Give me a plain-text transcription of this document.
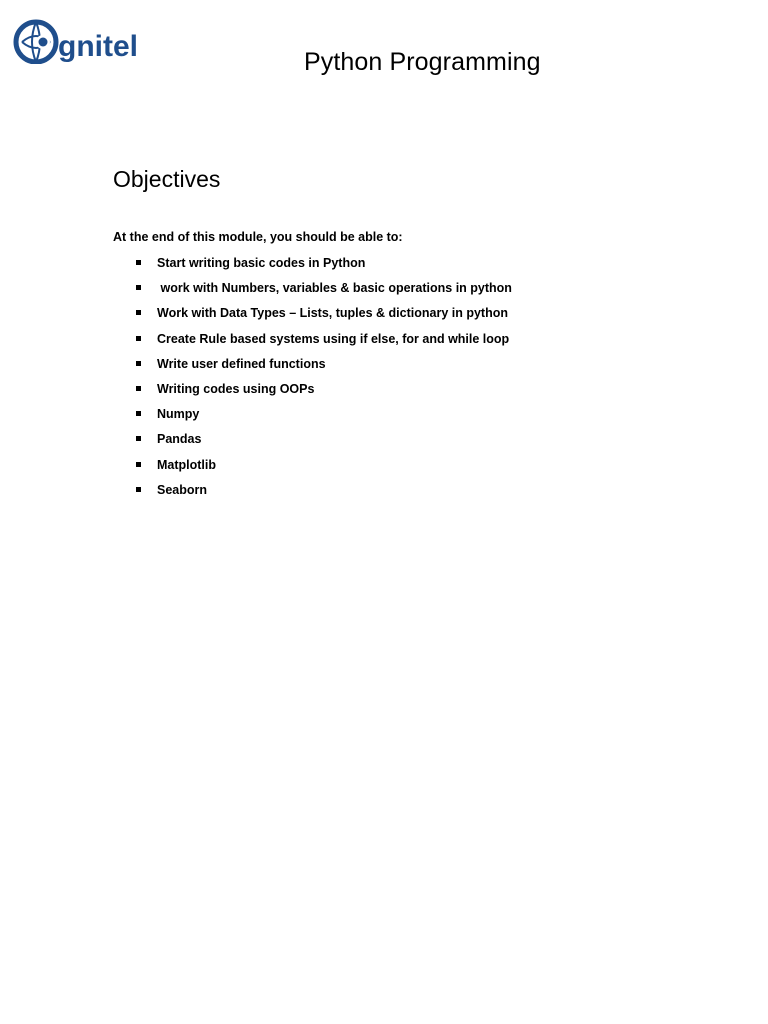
gnitel	Python Programming
Objectives
At the end of this module, you should be able to:
Start writing basic codes in Python
work with Numbers, variables & basic operations in python
Work with Data Types – Lists, tuples & dictionary in python
Create Rule based systems using if else, for and while loop
Write user defined functions
Writing codes using OOPs
Numpy
Pandas
Matplotlib
Seaborn
